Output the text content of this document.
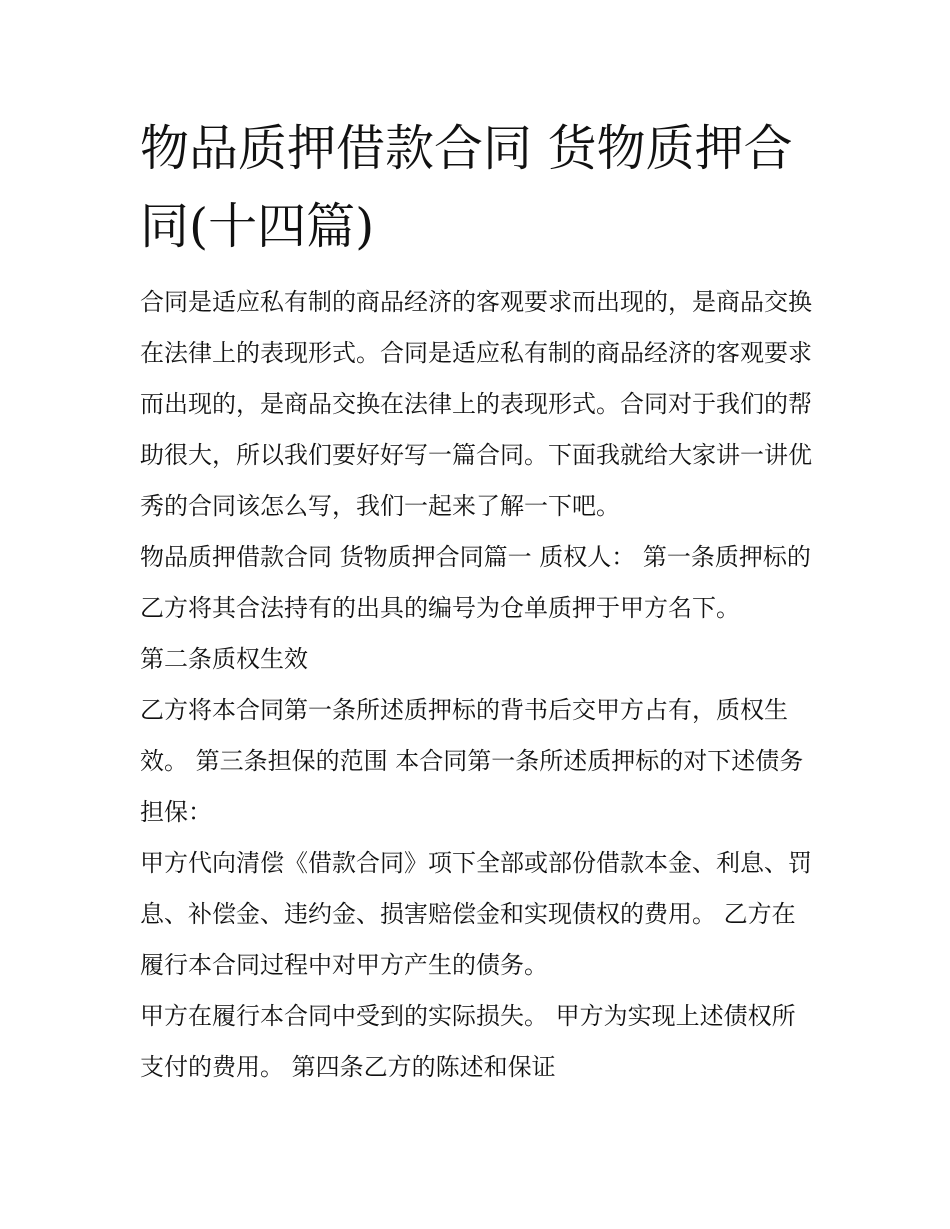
物品质押借款合同 货物质押合同(十四篇)

合同是适应私有制的商品经济的客观要求而出现的，是商品交换在法律上的表现形式。合同是适应私有制的商品经济的客观要求而出现的，是商品交换在法律上的表现形式。合同对于我们的帮助很大，所以我们要好好写一篇合同。下面我就给大家讲一讲优秀的合同该怎么写，我们一起来了解一下吧。

物品质押借款合同 货物质押合同篇一 质权人： 第一条质押标的 乙方将其合法持有的出具的编号为仓单质押于甲方名下。

第二条质权生效

乙方将本合同第一条所述质押标的背书后交甲方占有，质权生效。 第三条担保的范围 本合同第一条所述质押标的对下述债务担保：

甲方代向清偿《借款合同》项下全部或部份借款本金、利息、罚息、补偿金、违约金、损害赔偿金和实现债权的费用。 乙方在履行本合同过程中对甲方产生的债务。

甲方在履行本合同中受到的实际损失。 甲方为实现上述债权所支付的费用。 第四条乙方的陈述和保证
